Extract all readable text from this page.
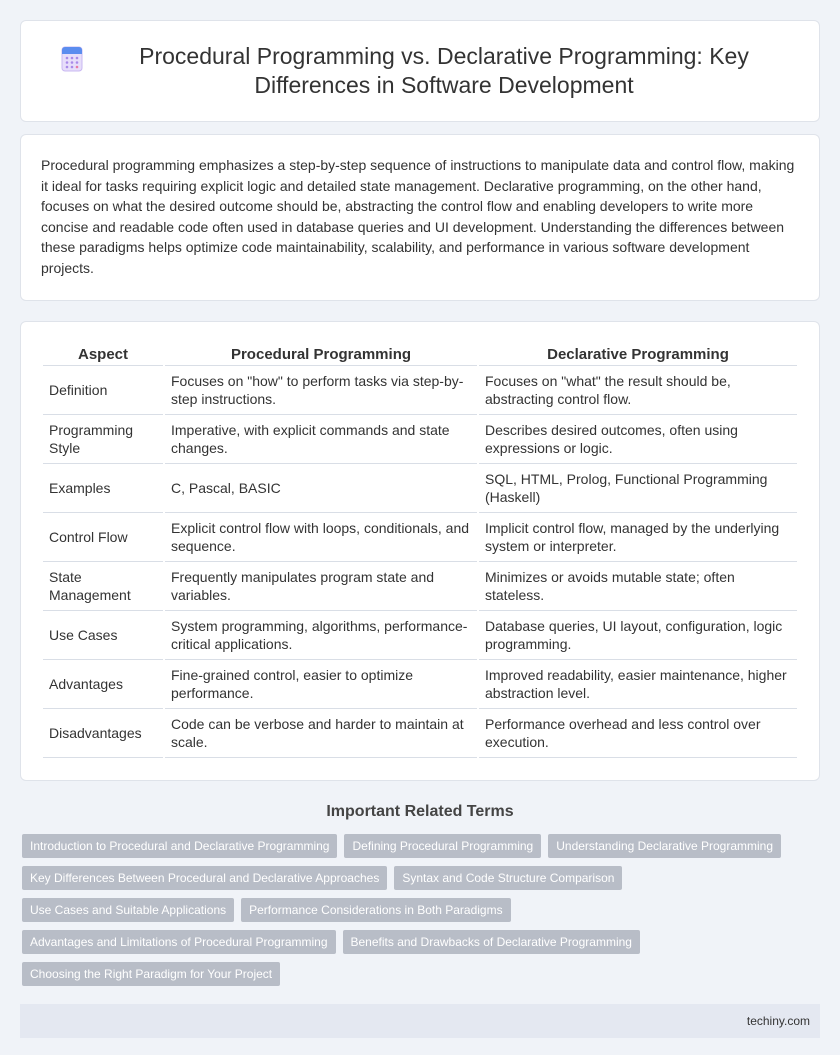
Procedural Programming vs. Declarative Programming: Key Differences in Software Development

Procedural programming emphasizes a step-by-step sequence of instructions to manipulate data and control flow, making it ideal for tasks requiring explicit logic and detailed state management. Declarative programming, on the other hand, focuses on what the desired outcome should be, abstracting the control flow and enabling developers to write more concise and readable code often used in database queries and UI development. Understanding the differences between these paradigms helps optimize code maintainability, scalability, and performance in various software development projects.

Aspect	Procedural Programming	Declarative Programming
Definition	Focuses on "how" to perform tasks via step-by-step instructions.	Focuses on "what" the result should be, abstracting control flow.
Programming Style	Imperative, with explicit commands and state changes.	Describes desired outcomes, often using expressions or logic.
Examples	C, Pascal, BASIC	SQL, HTML, Prolog, Functional Programming (Haskell)
Control Flow	Explicit control flow with loops, conditionals, and sequence.	Implicit control flow, managed by the underlying system or interpreter.
State Management	Frequently manipulates program state and variables.	Minimizes or avoids mutable state; often stateless.
Use Cases	System programming, algorithms, performance-critical applications.	Database queries, UI layout, configuration, logic programming.
Advantages	Fine-grained control, easier to optimize performance.	Improved readability, easier maintenance, higher abstraction level.
Disadvantages	Code can be verbose and harder to maintain at scale.	Performance overhead and less control over execution.
Important Related Terms
Introduction to Procedural and Declarative Programming	Defining Procedural Programming	Understanding Declarative Programming
Key Differences Between Procedural and Declarative Approaches	Syntax and Code Structure Comparison
Use Cases and Suitable Applications	Performance Considerations in Both Paradigms
Advantages and Limitations of Procedural Programming	Benefits and Drawbacks of Declarative Programming
Choosing the Right Paradigm for Your Project
techiny.com
